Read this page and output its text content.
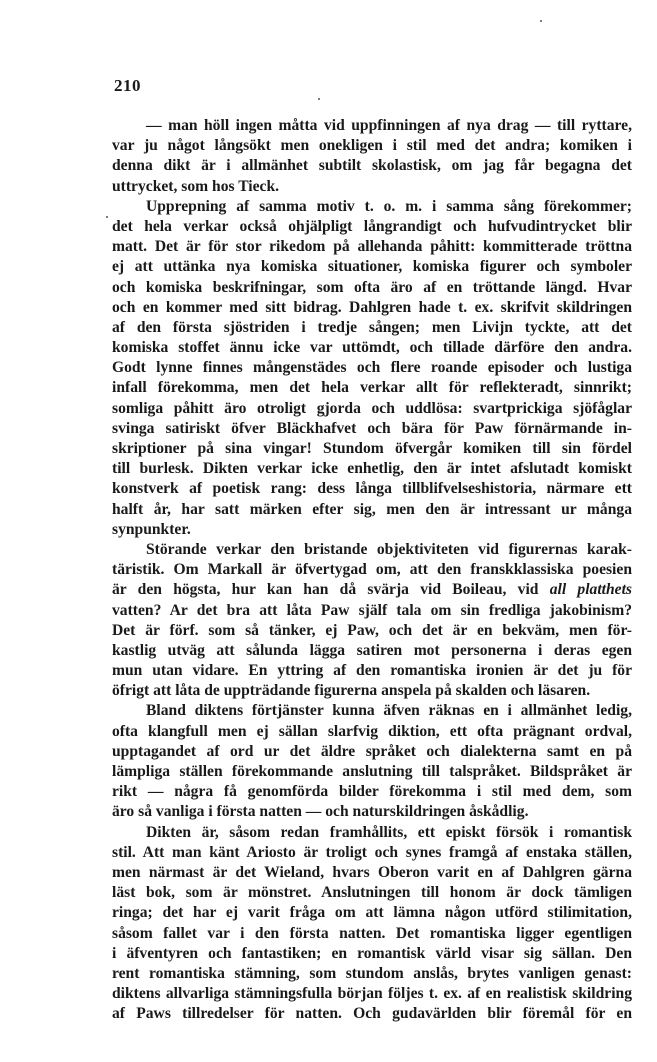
210
— man höll ingen måtta vid uppfinningen af nya drag — till ryttare,
var ju något långsökt men onekligen i stil med det andra; komiken i
denna dikt är i allmänhet subtilt skolastisk, om jag får begagna det
uttrycket, som hos Tieck.
Upprepning af samma motiv t. o. m. i samma sång förekommer;
det hela verkar också ohjälpligt långrandigt och hufvudintrycket blir
matt. Det är för stor rikedom på allehanda påhitt: kommitterade tröttna
ej att uttänka nya komiska situationer, komiska figurer och symboler
och komiska beskrifningar, som ofta äro af en tröttande längd. Hvar
och en kommer med sitt bidrag. Dahlgren hade t. ex. skrifvit skildringen
af den första sjöstriden i tredje sången; men Livijn tyckte, att det
komiska stoffet ännu icke var uttömdt, och tillade därföre den andra.
Godt lynne finnes mångenstädes och flere roande episoder och lustiga
infall förekomma, men det hela verkar allt för reflekteradt, sinnrikt;
somliga påhitt äro otroligt gjorda och uddlösa: svartprickiga sjöfåglar
svinga satiriskt öfver Bläckhafvet och bära för Paw förnärmande in-
skriptioner på sina vingar! Stundom öfvergår komiken till sin fördel
till burlesk. Dikten verkar icke enhetlig, den är intet afslutadt komiskt
konstverk af poetisk rang: dess långa tillblifvelseshistoria, närmare ett
halft år, har satt märken efter sig, men den är intressant ur många
synpunkter.
Störande verkar den bristande objektiviteten vid figurernas karak-
täristik. Om Markall är öfvertygad om, att den franskklassiska poesien
är den högsta, hur kan han då svärja vid Boileau, vid all platthets
vatten? Ar det bra att låta Paw själf tala om sin fredliga jakobinism?
Det är förf. som så tänker, ej Paw, och det är en bekväm, men för-
kastlig utväg att sålunda lägga satiren mot personerna i deras egen
mun utan vidare. En yttring af den romantiska ironien är det ju för
öfrigt att låta de uppträdande figurerna anspela på skalden och läsaren.
Bland diktens förtjänster kunna äfven räknas en i allmänhet ledig,
ofta klangfull men ej sällan slarfvig diktion, ett ofta prägnant ordval,
upptagandet af ord ur det äldre språket och dialekterna samt en på
lämpliga ställen förekommande anslutning till talspråket. Bildspråket är
rikt — några få genomförda bilder förekomma i stil med dem, som
äro så vanliga i första natten — och naturskildringen åskådlig.
Dikten är, såsom redan framhållits, ett episkt försök i romantisk
stil. Att man känt Ariosto är troligt och synes framgå af enstaka ställen,
men närmast är det Wieland, hvars Oberon varit en af Dahlgren gärna
läst bok, som är mönstret. Anslutningen till honom är dock tämligen
ringa; det har ej varit fråga om att lämna någon utförd stilimitation,
såsom fallet var i den första natten. Det romantiska ligger egentligen
i äfventyren och fantastiken; en romantisk värld visar sig sällan. Den
rent romantiska stämning, som stundom anslås, brytes vanligen genast:
diktens allvarliga stämningsfulla början följes t. ex. af en realistisk skildring
af Paws tillredelser för natten. Och gudavärlden blir föremål för en
